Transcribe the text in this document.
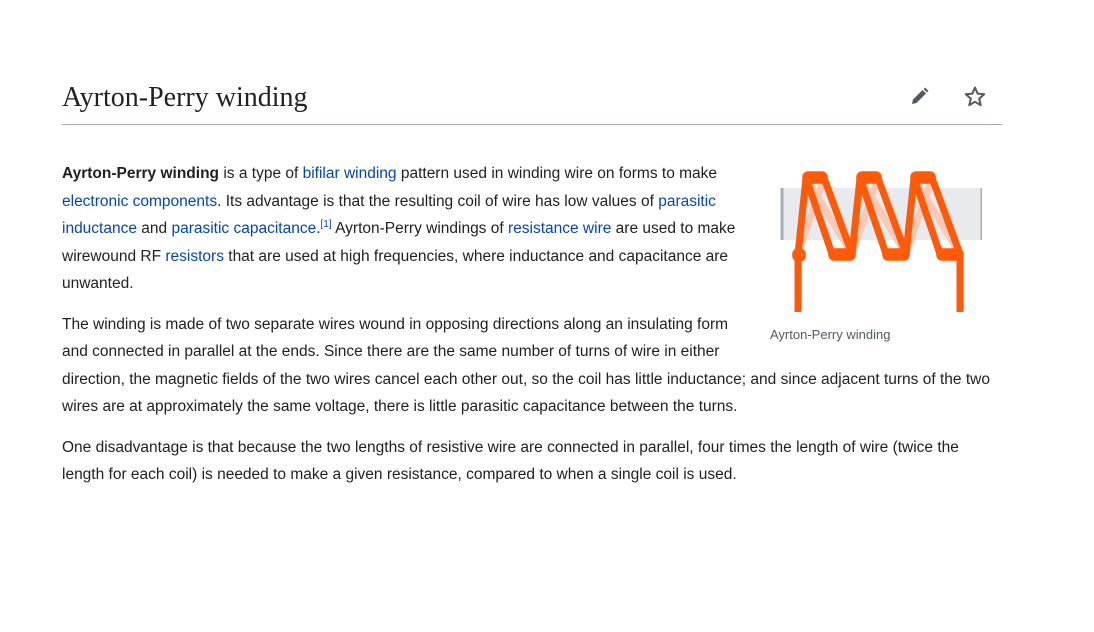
Ayrton-Perry winding
Ayrton-Perry winding

Ayrton-Perry winding is a type of bifilar winding pattern used in winding wire on forms to make electronic components. Its advantage is that the resulting coil of wire has low values of parasitic inductance and parasitic capacitance.[1] Ayrton-Perry windings of resistance wire are used to make wirewound RF resistors that are used at high frequencies, where inductance and capacitance are unwanted.

The winding is made of two separate wires wound in opposing directions along an insulating form and connected in parallel at the ends. Since there are the same number of turns of wire in either direction, the magnetic fields of the two wires cancel each other out, so the coil has little inductance; and since adjacent turns of the two wires are at approximately the same voltage, there is little parasitic capacitance between the turns.

One disadvantage is that because the two lengths of resistive wire are connected in parallel, four times the length of wire (twice the length for each coil) is needed to make a given resistance, compared to when a single coil is used.
